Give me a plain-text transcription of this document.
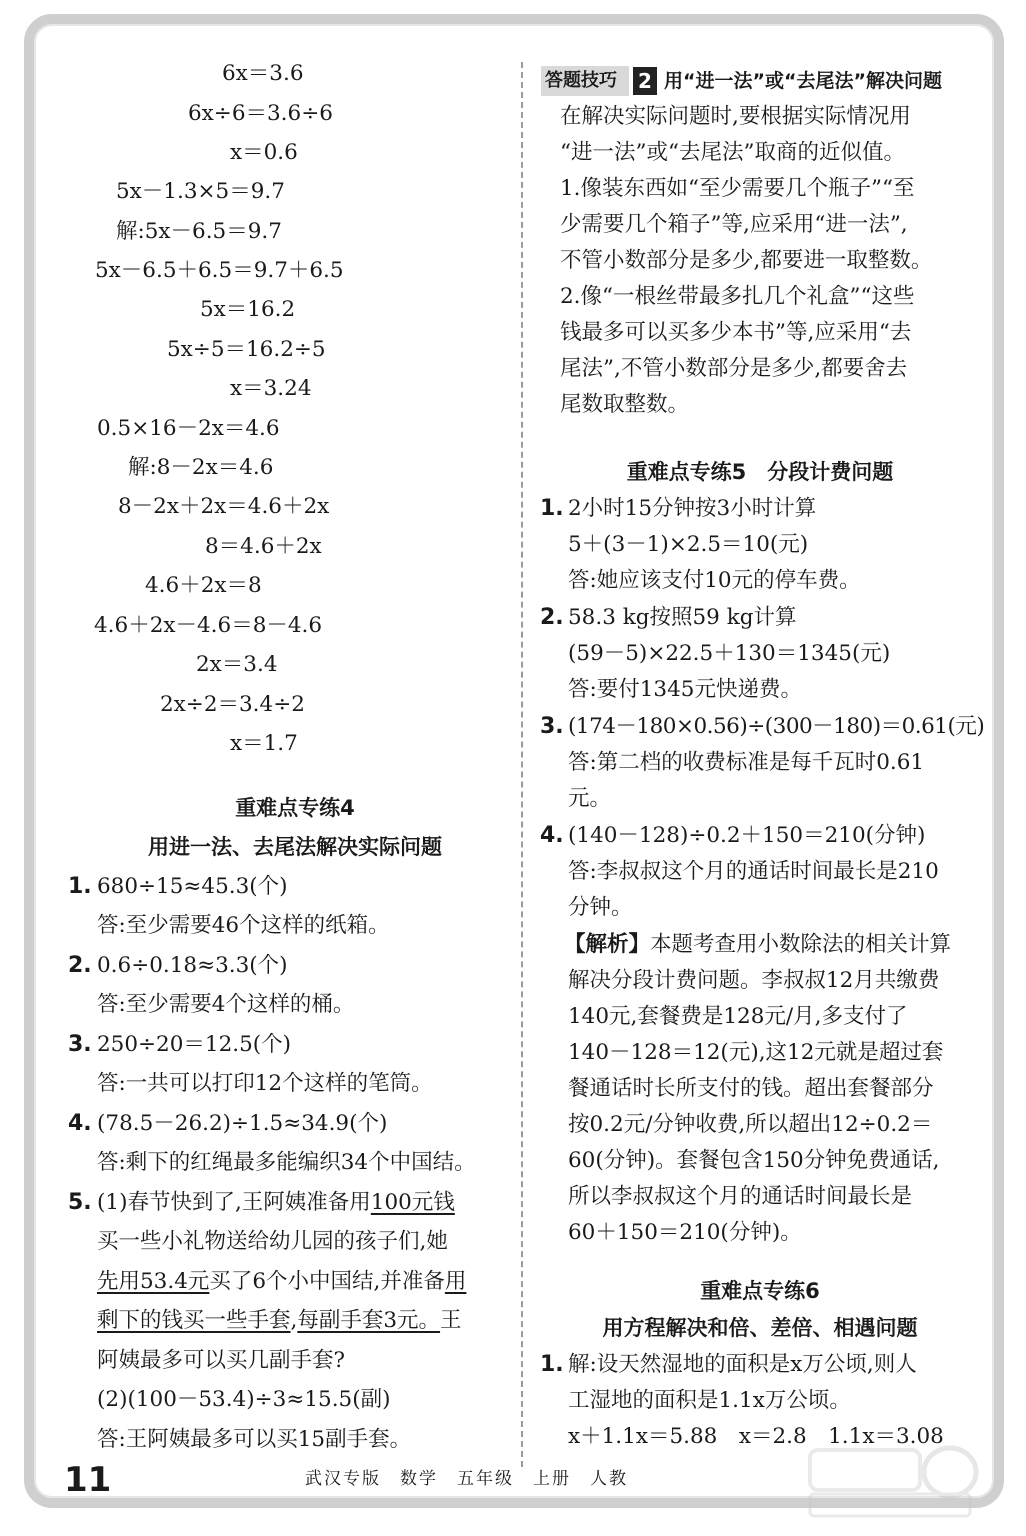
6x＝3.6
6x÷6＝3.6÷6
x＝0.6
5x－1.3×5＝9.7
解:5x－6.5＝9.7
5x－6.5＋6.5＝9.7＋6.5
5x＝16.2
5x÷5＝16.2÷5
x＝3.24
0.5×16－2x＝4.6
解:8－2x＝4.6
8－2x＋2x＝4.6＋2x
8＝4.6＋2x
4.6＋2x＝8
4.6＋2x－4.6＝8－4.6
2x＝3.4
2x÷2＝3.4÷2
x＝1.7
重难点专练4
用进一法、去尾法解决实际问题
1. 680÷15≈45.3(个)
答:至少需要46个这样的纸箱。
2. 0.6÷0.18≈3.3(个)
答:至少需要4个这样的桶。
3. 250÷20＝12.5(个)
答:一共可以打印12个这样的笔筒。
4. (78.5－26.2)÷1.5≈34.9(个)
答:剩下的红绳最多能编织34个中国结。
5. (1)春节快到了,王阿姨准备用100元钱
买一些小礼物送给幼儿园的孩子们,她
先用53.4元买了6个小中国结,并准备用
剩下的钱买一些手套,每副手套3元。王
阿姨最多可以买几副手套?
(2)(100－53.4)÷3≈15.5(副)
答:王阿姨最多可以买15副手套。
答题技巧 2 用“进一法”或“去尾法”解决问题
在解决实际问题时,要根据实际情况用
“进一法”或“去尾法”取商的近似值。
1.像装东西如“至少需要几个瓶子”“至
少需要几个箱子”等,应采用“进一法”,
不管小数部分是多少,都要进一取整数。
2.像“一根丝带最多扎几个礼盒”“这些
钱最多可以买多少本书”等,应采用“去
尾法”,不管小数部分是多少,都要舍去
尾数取整数。
重难点专练5　分段计费问题
1. 2小时15分钟按3小时计算
5＋(3－1)×2.5＝10(元)
答:她应该支付10元的停车费。
2. 58.3 kg按照59 kg计算
(59－5)×22.5＋130＝1345(元)
答:要付1345元快递费。
3. (174－180×0.56)÷(300－180)＝0.61(元)
答:第二档的收费标准是每千瓦时0.61
元。
4. (140－128)÷0.2＋150＝210(分钟)
答:李叔叔这个月的通话时间最长是210
分钟。
【解析】本题考查用小数除法的相关计算
解决分段计费问题。李叔叔12月共缴费
140元,套餐费是128元/月,多支付了
140－128＝12(元),这12元就是超过套
餐通话时长所支付的钱。超出套餐部分
按0.2元/分钟收费,所以超出12÷0.2＝
60(分钟)。套餐包含150分钟免费通话,
所以李叔叔这个月的通话时间最长是
60＋150＝210(分钟)。
重难点专练6
用方程解决和倍、差倍、相遇问题
1. 解:设天然湿地的面积是x万公顷,则人
工湿地的面积是1.1x万公顷。
x＋1.1x＝5.88　x＝2.8　1.1x＝3.08
11	武汉专版　数学　五年级　上册　人教
